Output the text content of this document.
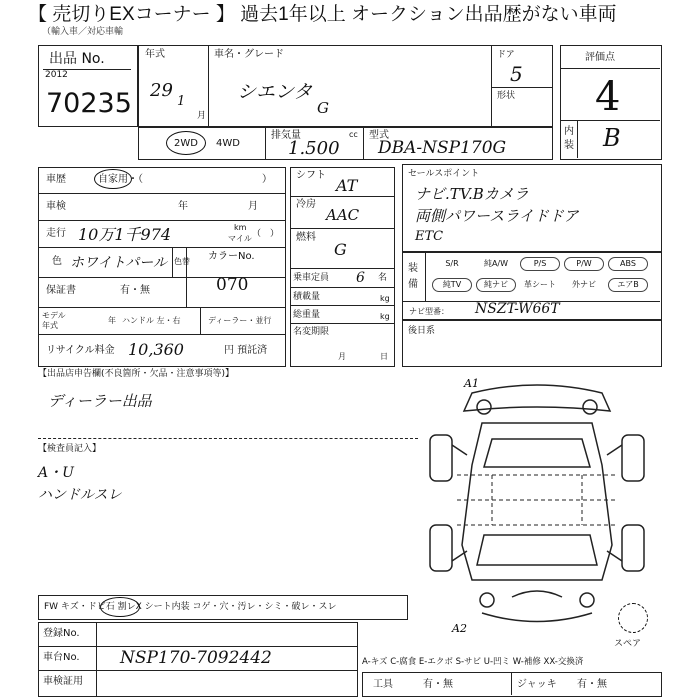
【 売切りEXコーナー 】 過去1年以上 オークション出品歴がない車両
（輸入車／対応車輸
出品 No.
2012
70235
年式
29
1
月
車名・グレード
シエンタ
G
ドア
5
形状
評価点
4
内
装 B
2WD 4WD
排気量	cc
1.500
型式
DBA-NSP170G
車歴	自家用・（	）
車検	年	月
走行 10万1千974	km
マイル （　）
色 ホワイトパール 色替 カラーNo.
070
保証書	有・無
モデル
年式
年 ハンドル 左・右	ディーラー・並行
リサイクル料金 10,360	円 預託済
シフト
AT
冷房
AAC
燃料
G
乗車定員 6 名
積載量	kg
総重量	kg
名変期限
月	日
セールスポイント
ナビ.TV.Bカメラ
両側パワースライドドア
ETC
装
備
ナビ型番： NSZT-W66T
S/R	純A/W	P/S	P/W	ABS
純TV	純ナビ	革シート	外ナビ	エアB
後日系
【出品店申告欄(不良箇所・欠品・注意事項等)】
ディーラー出品
【検査員記入】
A・U
ハンドルスレ
A1
A2
スペア
FW キズ・ドビ石 割レX シート内装 コゲ・穴・汚レ・シミ・破レ・スレ
登録No.
車台No. NSP170-7092442
車検証用
A-キズ C-腐食 E-エクボ S-サビ U-凹ミ W-補修 XX-交換済
工具	有・無	ジャッキ 有・無
